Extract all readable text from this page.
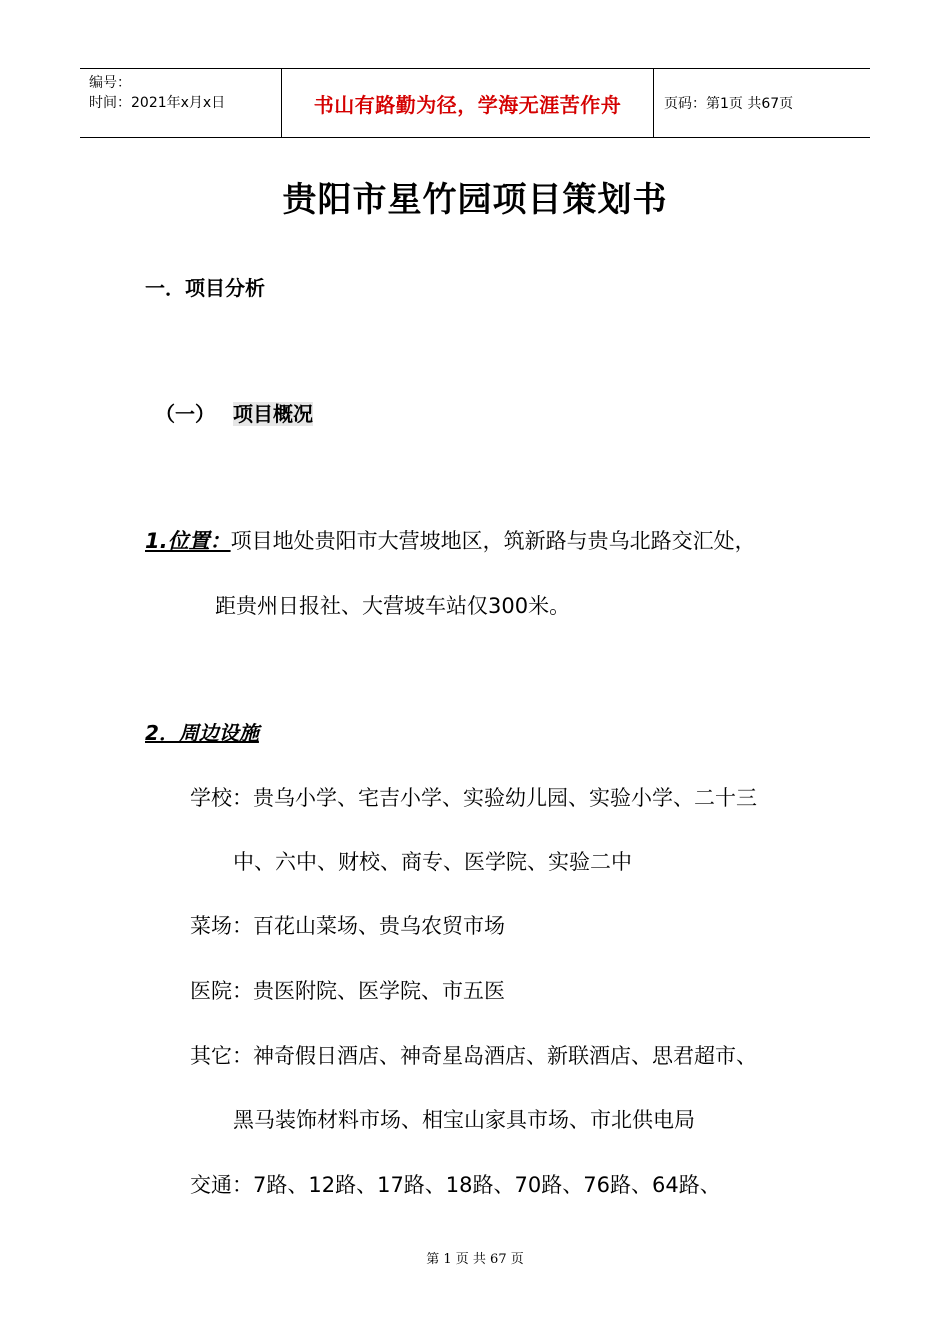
编号：
时间：2021年x月x日	书山有路勤为径，学海无涯苦作舟	页码：第1页 共67页
贵阳市星竹园项目策划书
一．项目分析
（一） 项目概况
1.位置：项目地处贵阳市大营坡地区，筑新路与贵乌北路交汇处，
距贵州日报社、大营坡车站仅300米。
2．周边设施
学校：贵乌小学、宅吉小学、实验幼儿园、实验小学、二十三
中、六中、财校、商专、医学院、实验二中
菜场：百花山菜场、贵乌农贸市场
医院：贵医附院、医学院、市五医
其它：神奇假日酒店、神奇星岛酒店、新联酒店、思君超市、
黑马装饰材料市场、相宝山家具市场、市北供电局
交通：7路、12路、17路、18路、70路、76路、64路、
第 1 页 共 67 页
